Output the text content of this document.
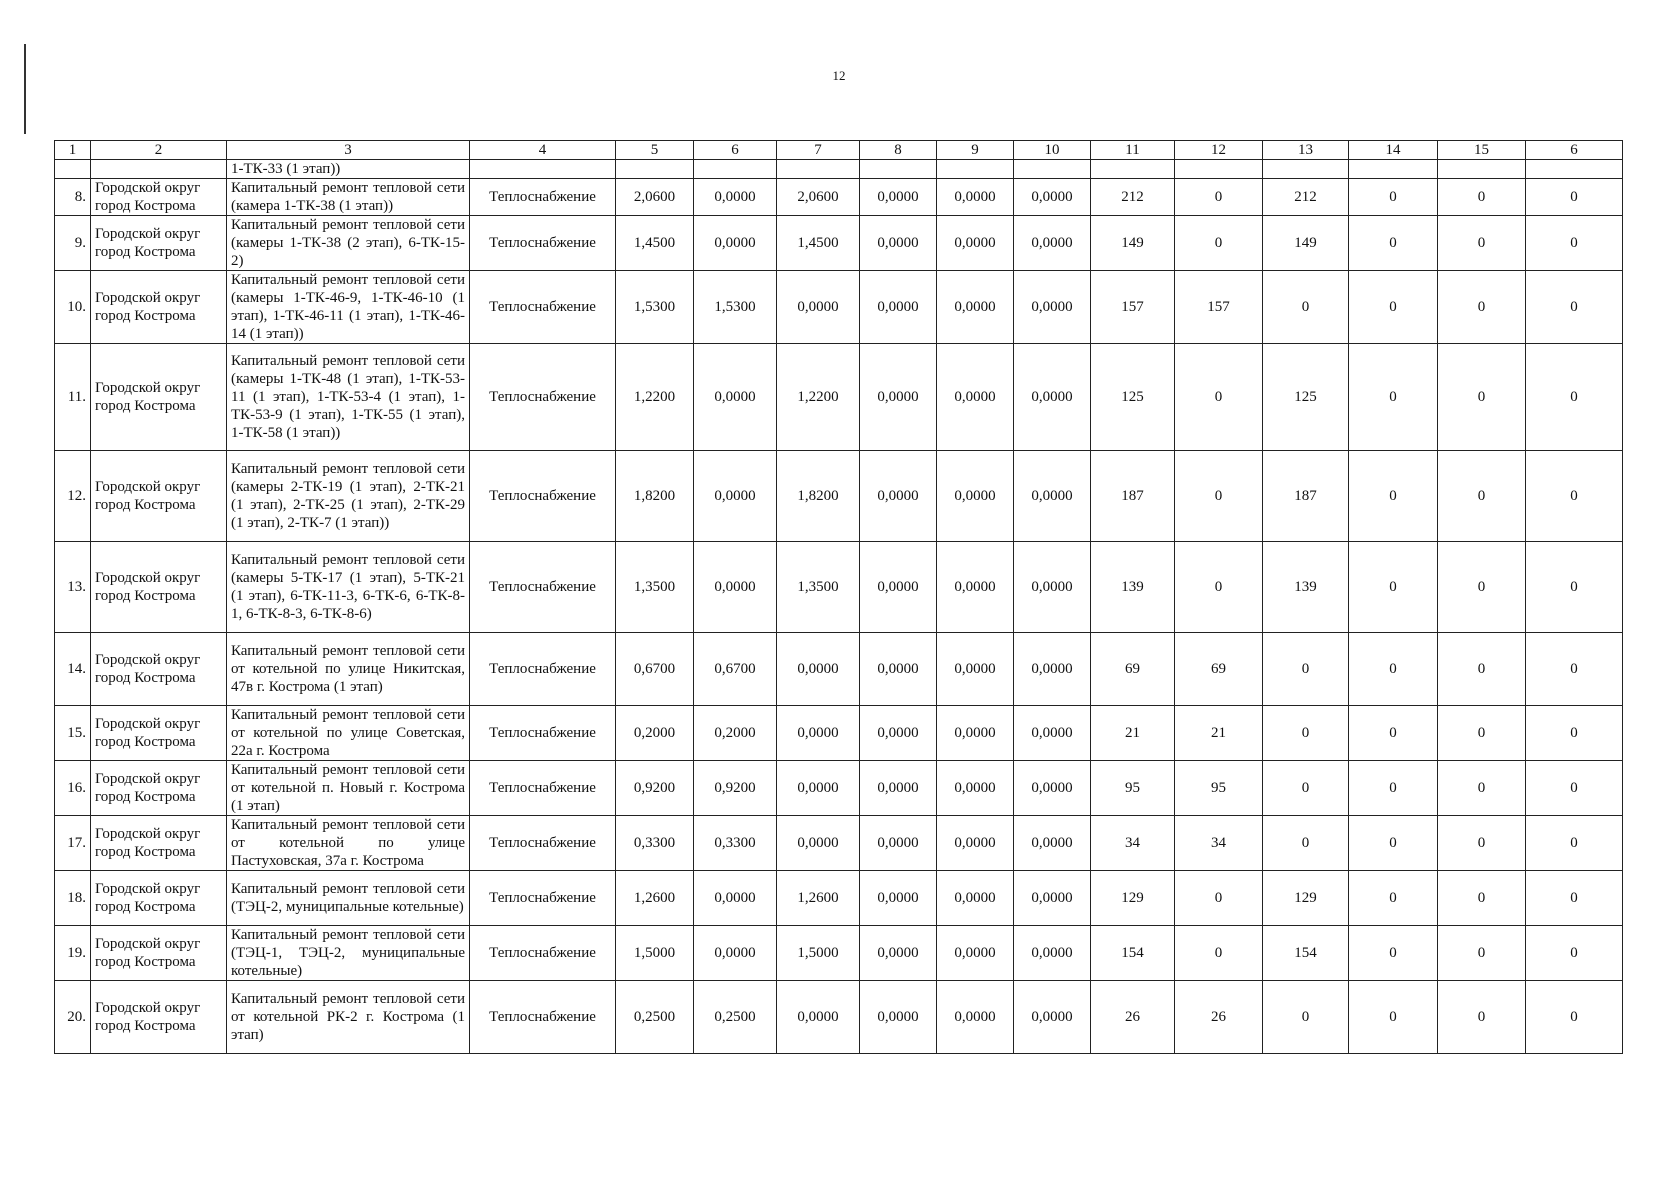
12
1	2	3	4	5	6	7	8	9	10	11	12	13	14	15	6
		1-ТК-33 (1 этап))													
8.	Городской округ город Кострома	Капитальный ремонт тепловой сети (камера 1-ТК-38 (1 этап))	Теплоснабжение	2,0600	0,0000	2,0600	0,0000	0,0000	0,0000	212	0	212	0	0	0
9.	Городской округ город Кострома	Капитальный ремонт тепловой сети (камеры 1-ТК-38 (2 этап), 6-ТК-15-2)	Теплоснабжение	1,4500	0,0000	1,4500	0,0000	0,0000	0,0000	149	0	149	0	0	0
10.	Городской округ город Кострома	Капитальный ремонт тепловой сети (камеры 1-ТК-46-9, 1-ТК-46-10 (1 этап), 1-ТК-46-11 (1 этап), 1-ТК-46-14 (1 этап))	Теплоснабжение	1,5300	1,5300	0,0000	0,0000	0,0000	0,0000	157	157	0	0	0	0
11.	Городской округ город Кострома	Капитальный ремонт тепловой сети (камеры 1-ТК-48 (1 этап), 1-ТК-53-11 (1 этап), 1-ТК-53-4 (1 этап), 1-ТК-53-9 (1 этап), 1-ТК-55 (1 этап), 1-ТК-58 (1 этап))	Теплоснабжение	1,2200	0,0000	1,2200	0,0000	0,0000	0,0000	125	0	125	0	0	0
12.	Городской округ город Кострома	Капитальный ремонт тепловой сети (камеры 2-ТК-19 (1 этап), 2-ТК-21 (1 этап), 2-ТК-25 (1 этап), 2-ТК-29 (1 этап), 2-ТК-7 (1 этап))	Теплоснабжение	1,8200	0,0000	1,8200	0,0000	0,0000	0,0000	187	0	187	0	0	0
13.	Городской округ город Кострома	Капитальный ремонт тепловой сети (камеры 5-ТК-17 (1 этап), 5-ТК-21 (1 этап), 6-ТК-11-3, 6-ТК-6, 6-ТК-8-1, 6-ТК-8-3, 6-ТК-8-6)	Теплоснабжение	1,3500	0,0000	1,3500	0,0000	0,0000	0,0000	139	0	139	0	0	0
14.	Городской округ город Кострома	Капитальный ремонт тепловой сети от котельной по улице Никитская, 47в г. Кострома (1 этап)	Теплоснабжение	0,6700	0,6700	0,0000	0,0000	0,0000	0,0000	69	69	0	0	0	0
15.	Городской округ город Кострома	Капитальный ремонт тепловой сети от котельной по улице Советская, 22а г. Кострома	Теплоснабжение	0,2000	0,2000	0,0000	0,0000	0,0000	0,0000	21	21	0	0	0	0
16.	Городской округ город Кострома	Капитальный ремонт тепловой сети от котельной п. Новый г. Кострома (1 этап)	Теплоснабжение	0,9200	0,9200	0,0000	0,0000	0,0000	0,0000	95	95	0	0	0	0
17.	Городской округ город Кострома	Капитальный ремонт тепловой сети от котельной по улице Пастуховская, 37а г. Кострома	Теплоснабжение	0,3300	0,3300	0,0000	0,0000	0,0000	0,0000	34	34	0	0	0	0
18.	Городской округ город Кострома	Капитальный ремонт тепловой сети (ТЭЦ-2, муниципальные котельные)	Теплоснабжение	1,2600	0,0000	1,2600	0,0000	0,0000	0,0000	129	0	129	0	0	0
19.	Городской округ город Кострома	Капитальный ремонт тепловой сети (ТЭЦ-1, ТЭЦ-2, муниципальные котельные)	Теплоснабжение	1,5000	0,0000	1,5000	0,0000	0,0000	0,0000	154	0	154	0	0	0
20.	Городской округ город Кострома	Капитальный ремонт тепловой сети от котельной РК-2 г. Кострома (1 этап)	Теплоснабжение	0,2500	0,2500	0,0000	0,0000	0,0000	0,0000	26	26	0	0	0	0
